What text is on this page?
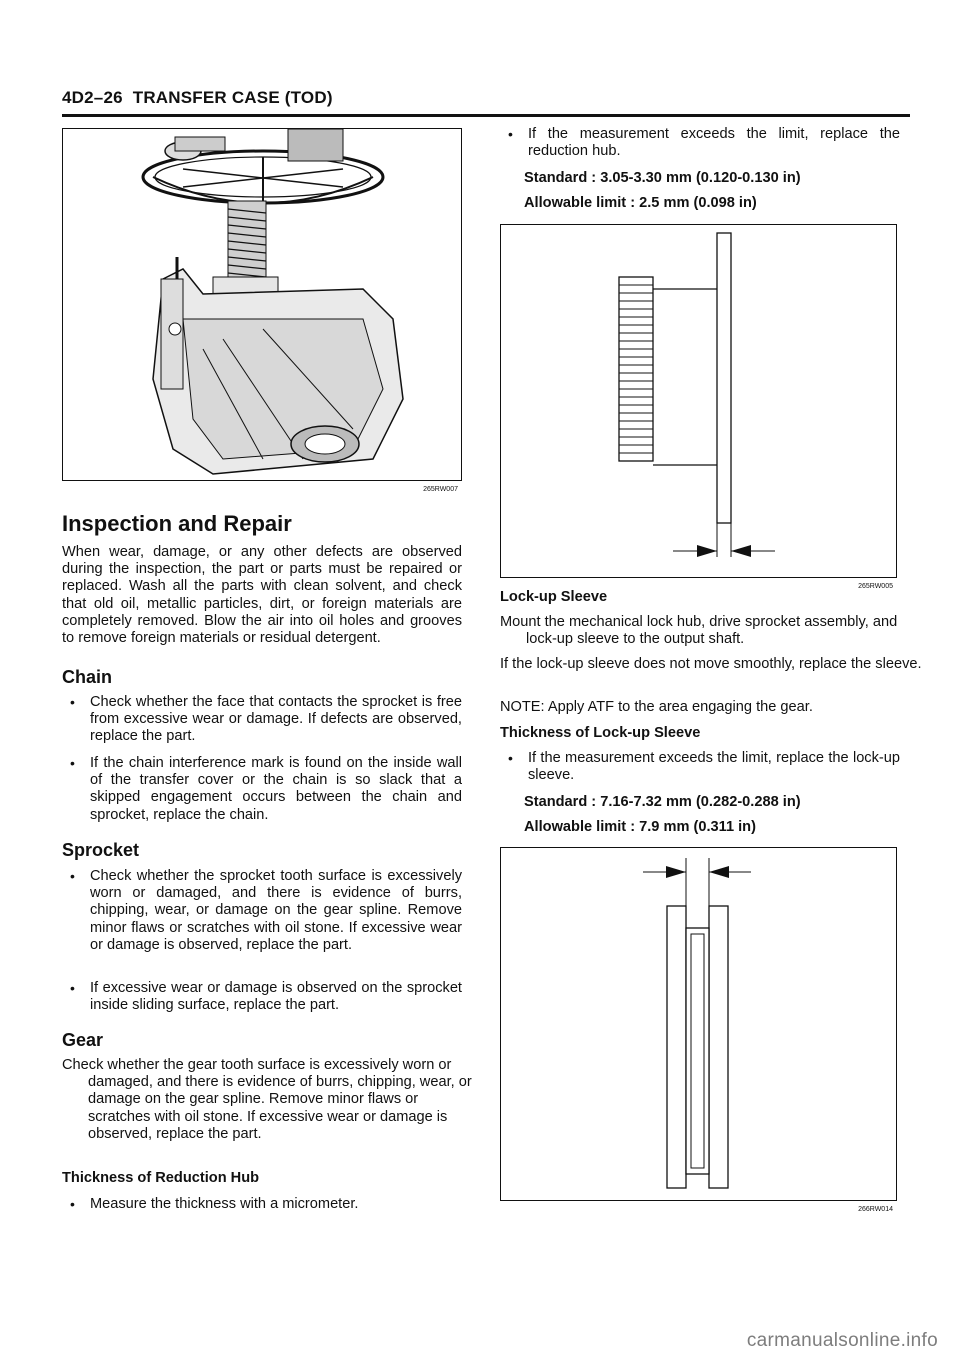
4D2–26 TRANSFER CASE (TOD)
265RW007
Inspection and Repair

When wear, damage, or any other defects are observed during the inspection, the part or parts must be repaired or replaced. Wash all the parts with clean solvent, and check that old oil, metallic particles, dirt, or foreign materials are completely removed. Blow the air into oil holes and grooves to remove foreign materials or residual detergent.

Chain
• Check whether the face that contacts the sprocket is free from excessive wear or damage. If defects are observed, replace the part.
• If the chain interference mark is found on the inside wall of the transfer cover or the chain is so slack that a skipped engagement occurs between the chain and sprocket, replace the chain.
Sprocket
• Check whether the sprocket tooth surface is excessively worn or damaged, and there is evidence of burrs, chipping, wear, or damage on the gear spline. Remove minor flaws or scratches with oil stone. If excessive wear or damage is observed, replace the part.
• If excessive wear or damage is observed on the sprocket inside sliding surface, replace the part.
Gear

Check whether the gear tooth surface is excessively worn or damaged, and there is evidence of burrs, chipping, wear, or damage on the gear spline. Remove minor flaws or scratches with oil stone. If excessive wear or damage is observed, replace the part.

Thickness of Reduction Hub
• Measure the thickness with a micrometer.
• If the measurement exceeds the limit, replace the reduction hub.
Standard : 3.05-3.30 mm (0.120-0.130 in)
Allowable limit : 2.5 mm (0.098 in)
265RW005
Lock-up Sleeve

Mount the mechanical lock hub, drive sprocket assembly, and lock-up sleeve to the output shaft.

If the lock-up sleeve does not move smoothly, replace the sleeve.

NOTE: Apply ATF to the area engaging the gear.

Thickness of Lock-up Sleeve
• If the measurement exceeds the limit, replace the lock-up sleeve.
Standard : 7.16-7.32 mm (0.282-0.288 in)
Allowable limit : 7.9 mm (0.311 in)
266RW014
carmanualsonline.info
